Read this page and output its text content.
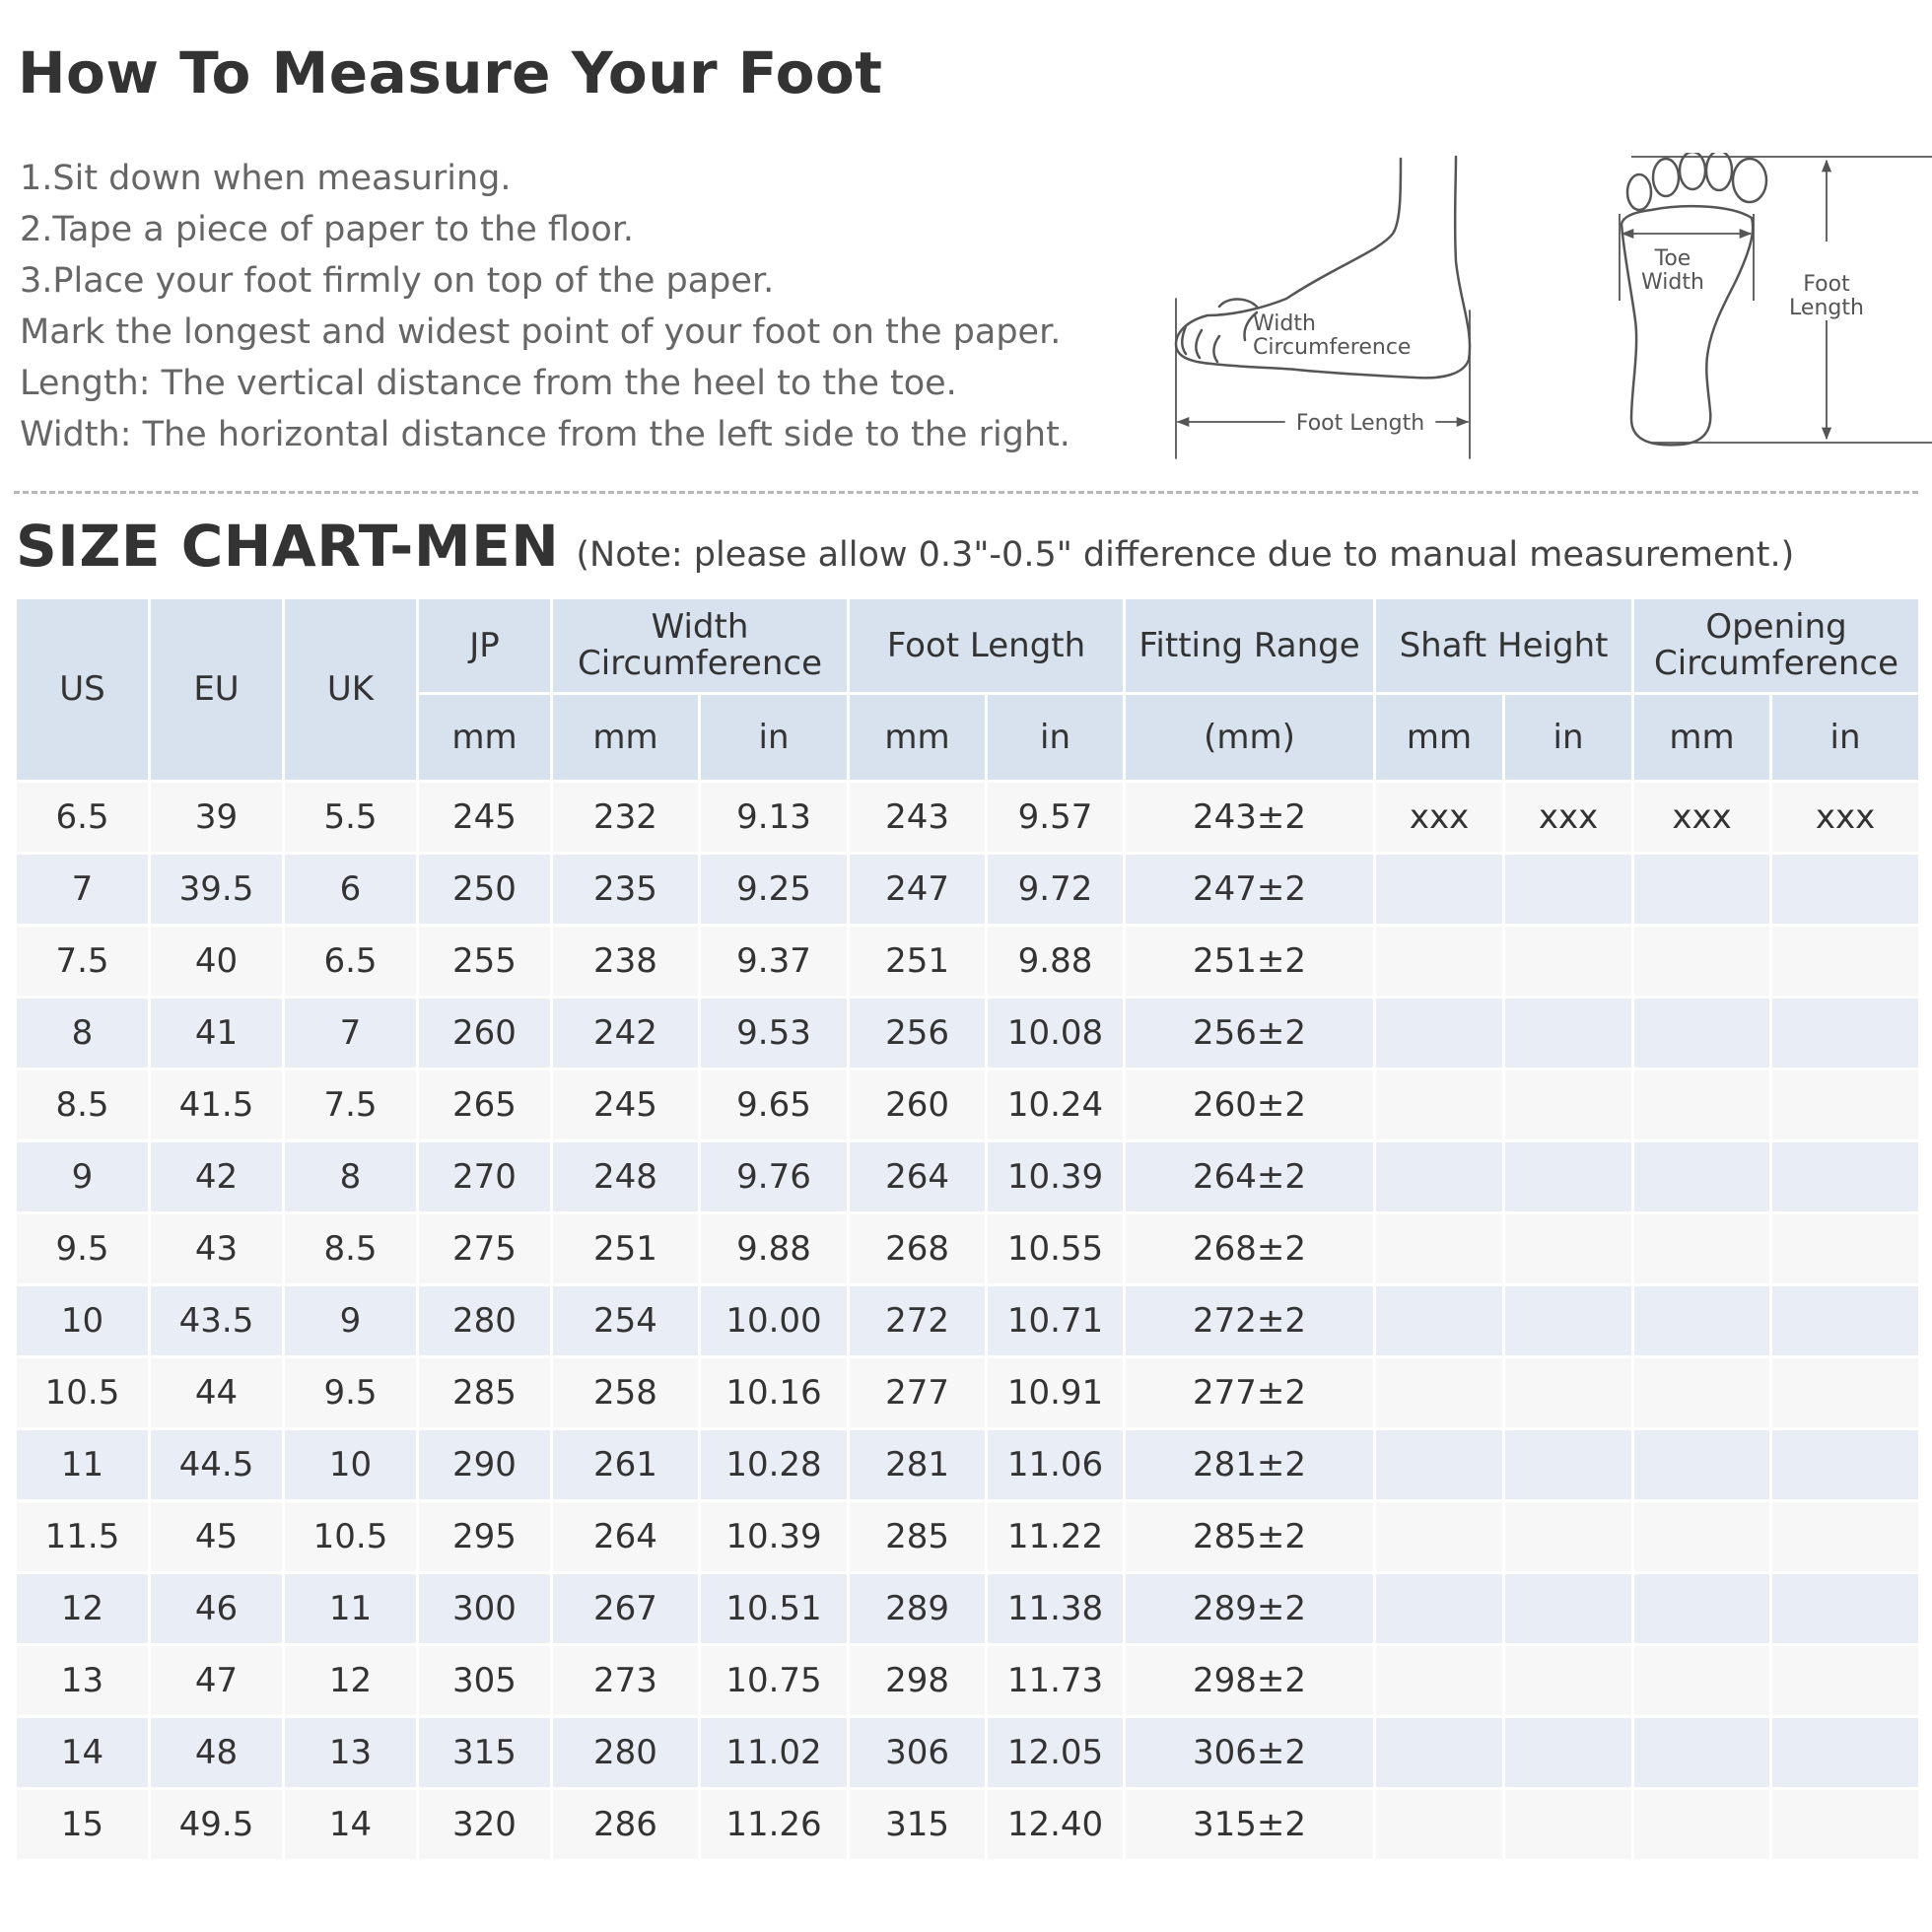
How To Measure Your Foot
1.Sit down when measuring.
2.Tape a piece of paper to the floor.
3.Place your foot firmly on top of the paper.
Mark the longest and widest point of your foot on the paper.
Length: The vertical distance from the heel to the toe.
Width: The horizontal distance from the left side to the right.
Width
Circumference
Foot Length
Toe
Width	Foot
Length
SIZE CHART-MEN (Note: please allow 0.3"-0.5" difference due to manual measurement.)
US	EU	UK	JP	Width Circumference		Foot Length		Fitting Range	Shaft Height		Opening Circumference	
			mm	mm	in	mm	in	(mm)	mm	in	mm	in
6.5	39	5.5	245	232	9.13	243	9.57	243±2	xxx	xxx	xxx	xxx
7	39.5	6	250	235	9.25	247	9.72	247±2				
7.5	40	6.5	255	238	9.37	251	9.88	251±2				
8	41	7	260	242	9.53	256	10.08	256±2				
8.5	41.5	7.5	265	245	9.65	260	10.24	260±2				
9	42	8	270	248	9.76	264	10.39	264±2				
9.5	43	8.5	275	251	9.88	268	10.55	268±2				
10	43.5	9	280	254	10.00	272	10.71	272±2				
10.5	44	9.5	285	258	10.16	277	10.91	277±2				
11	44.5	10	290	261	10.28	281	11.06	281±2				
11.5	45	10.5	295	264	10.39	285	11.22	285±2				
12	46	11	300	267	10.51	289	11.38	289±2				
13	47	12	305	273	10.75	298	11.73	298±2				
14	48	13	315	280	11.02	306	12.05	306±2				
15	49.5	14	320	286	11.26	315	12.40	315±2				
